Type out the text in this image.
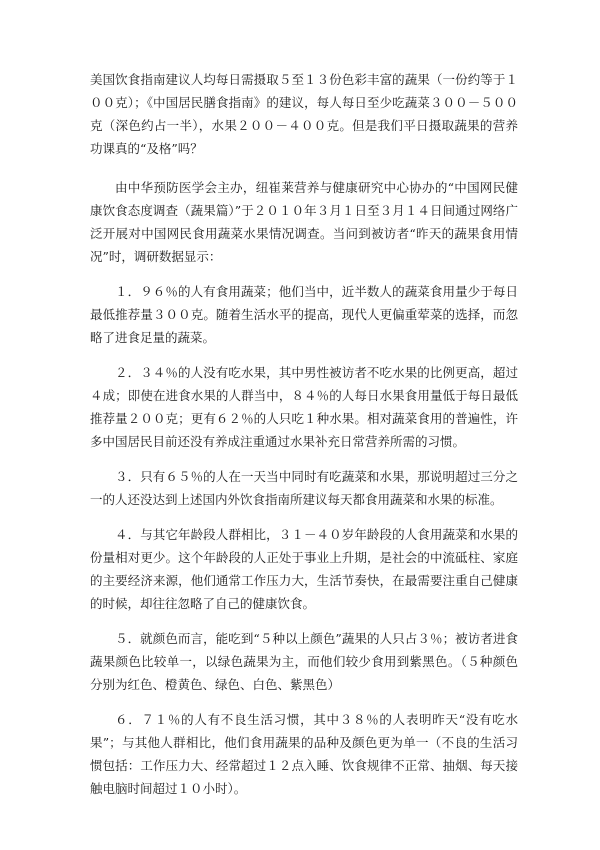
美国饮食指南建议人均每日需摄取５至１３份色彩丰富的蔬果（一份约等于１００克）；《中国居民膳食指南》的建议，每人每日至少吃蔬菜３００－５００克（深色约占一半），水果２００－４００克。但是我们平日摄取蔬果的营养功课真的“及格”吗？

由中华预防医学会主办，纽崔莱营养与健康研究中心协办的“中国网民健康饮食态度调查（蔬果篇）”于２０１０年３月１日至３月１４日间通过网络广泛开展对中国网民食用蔬菜水果情况调查。当问到被访者“昨天的蔬果食用情况”时，调研数据显示：

１．９６％的人有食用蔬菜；他们当中，近半数人的蔬菜食用量少于每日最低推荐量３００克。随着生活水平的提高，现代人更偏重荤菜的选择，而忽略了进食足量的蔬菜。

２．３４％的人没有吃水果，其中男性被访者不吃水果的比例更高，超过４成；即使在进食水果的人群当中，８４％的人每日水果食用量低于每日最低推荐量２００克；更有６２％的人只吃１种水果。相对蔬菜食用的普遍性，许多中国居民目前还没有养成注重通过水果补充日常营养所需的习惯。

３．只有６５％的人在一天当中同时有吃蔬菜和水果，那说明超过三分之一的人还没达到上述国内外饮食指南所建议每天都食用蔬菜和水果的标准。

４．与其它年龄段人群相比，３１－４０岁年龄段的人食用蔬菜和水果的份量相对更少。这个年龄段的人正处于事业上升期，是社会的中流砥柱、家庭的主要经济来源，他们通常工作压力大，生活节奏快，在最需要注重自己健康的时候，却往往忽略了自己的健康饮食。

５．就颜色而言，能吃到“５种以上颜色”蔬果的人只占３％；被访者进食蔬果颜色比较单一，以绿色蔬果为主，而他们较少食用到紫黑色。（５种颜色分别为红色、橙黄色、绿色、白色、紫黑色）

６．７１％的人有不良生活习惯，其中３８％的人表明昨天“没有吃水果”；与其他人群相比，他们食用蔬果的品种及颜色更为单一（不良的生活习惯包括：工作压力大、经常超过１２点入睡、饮食规律不正常、抽烟、每天接触电脑时间超过１０小时）。
